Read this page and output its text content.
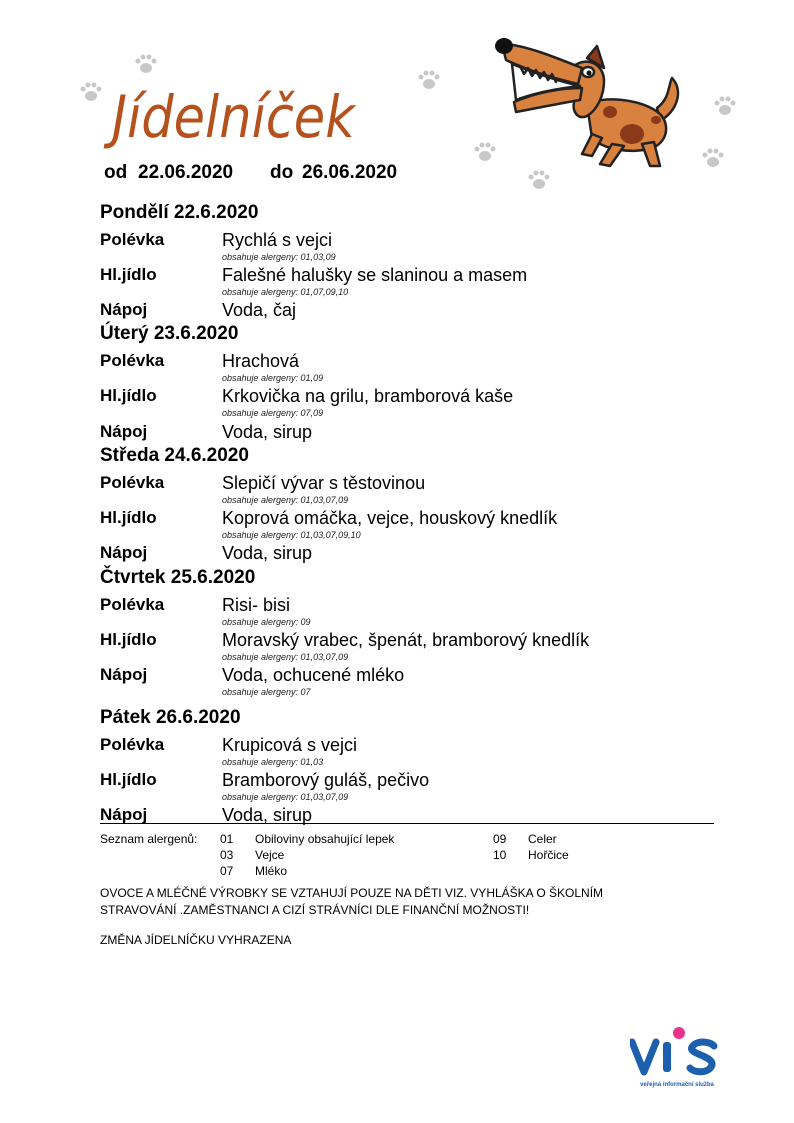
Jídelníček
od 22.06.2020 do 26.06.2020
Pondělí 22.6.2020
Polévka	Rychlá s vejci
obsahuje alergeny: 01,03,09
Hl.jídlo	Falešné halušky se slaninou a masem
obsahuje alergeny: 01,07,09,10
Nápoj	Voda, čaj
Úterý 23.6.2020
Polévka	Hrachová
obsahuje alergeny: 01,09
Hl.jídlo	Krkovička na grilu, bramborová kaše
obsahuje alergeny: 07,09
Nápoj	Voda, sirup
Středa 24.6.2020
Polévka	Slepičí vývar s těstovinou
obsahuje alergeny: 01,03,07,09
Hl.jídlo	Koprová omáčka, vejce, houskový knedlík
obsahuje alergeny: 01,03,07,09,10
Nápoj	Voda, sirup
Čtvrtek 25.6.2020
Polévka	Risi- bisi
obsahuje alergeny: 09
Hl.jídlo	Moravský vrabec, špenát, bramborový knedlík
obsahuje alergeny: 01,03,07,09
Nápoj	Voda, ochucené mléko
obsahuje alergeny: 07
Pátek 26.6.2020
Polévka	Krupicová s vejci
obsahuje alergeny: 01,03
Hl.jídlo	Bramborový guláš, pečivo
obsahuje alergeny: 01,03,07,09
Nápoj	Voda, sirup
Seznam alergenů: 01 Obiloviny obsahující lepek
03 Vejce
07 Mléko
09 Celer
10 Hořčice
OVOCE A MLÉČNÉ VÝROBKY SE VZTAHUJÍ POUZE NA DĚTI VIZ. VYHLÁŠKA O ŠKOLNÍM
STRAVOVÁNÍ .ZAMĚSTNANCI A CIZÍ STRÁVNÍCI DLE FINANČNÍ MOŽNOSTI!
ZMĚNA JÍDELNÍČKU VYHRAZENA
veřejná informační služba
